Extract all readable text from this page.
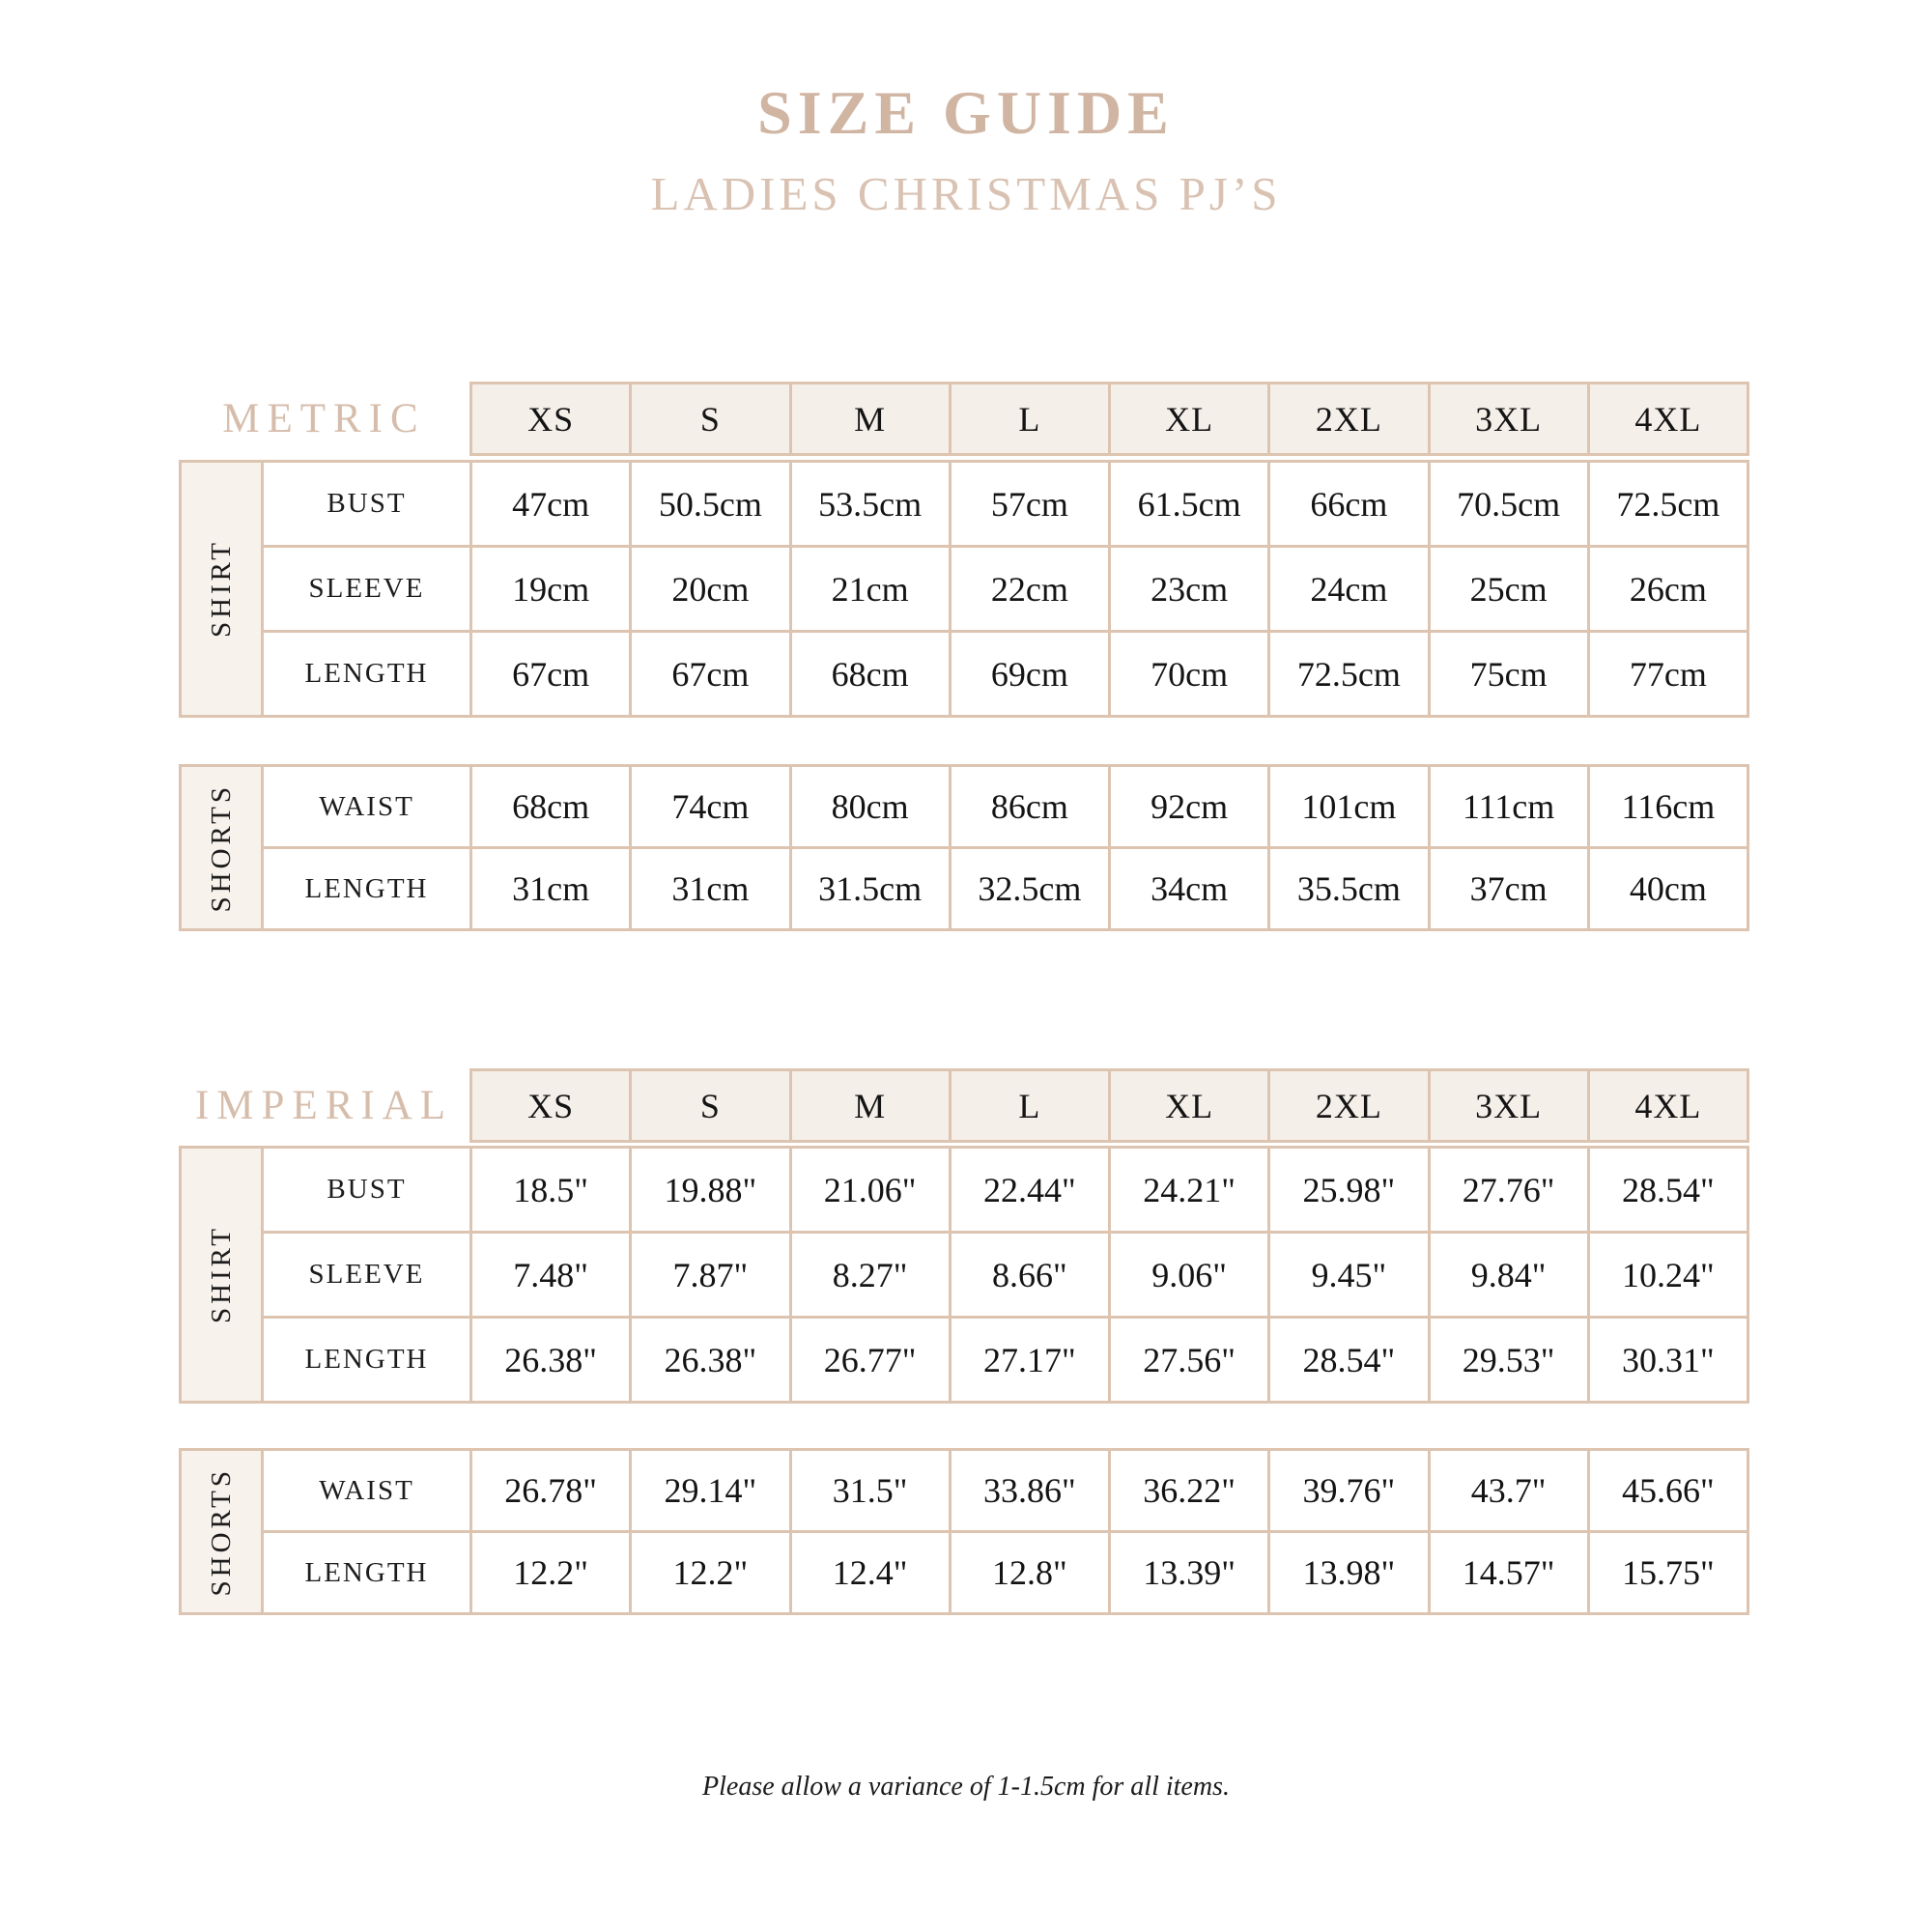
SIZE GUIDE
LADIES CHRISTMAS PJ’S
METRIC	XS	S	M	L	XL	2XL	3XL	4XL
SHIRT
BUST	47cm	50.5cm	53.5cm	57cm	61.5cm	66cm	70.5cm	72.5cm
SLEEVE	19cm	20cm	21cm	22cm	23cm	24cm	25cm	26cm
LENGTH	67cm	67cm	68cm	69cm	70cm	72.5cm	75cm	77cm
SHORTS	WAIST	68cm	74cm	80cm	86cm	92cm	101cm	111cm	116cm
LENGTH	31cm	31cm	31.5cm	32.5cm	34cm	35.5cm	37cm	40cm
IMPERIAL	XS	S	M	L	XL	2XL	3XL	4XL
SHIRT
BUST	18.5"	19.88"	21.06"	22.44"	24.21"	25.98"	27.76"	28.54"
SLEEVE	7.48"	7.87"	8.27"	8.66"	9.06"	9.45"	9.84"	10.24"
LENGTH	26.38"	26.38"	26.77"	27.17"	27.56"	28.54"	29.53"	30.31"
SHORTS	WAIST	26.78"	29.14"	31.5"	33.86"	36.22"	39.76"	43.7"	45.66"
LENGTH	12.2"	12.2"	12.4"	12.8"	13.39"	13.98"	14.57"	15.75"

Please allow a variance of 1-1.5cm for all items.
